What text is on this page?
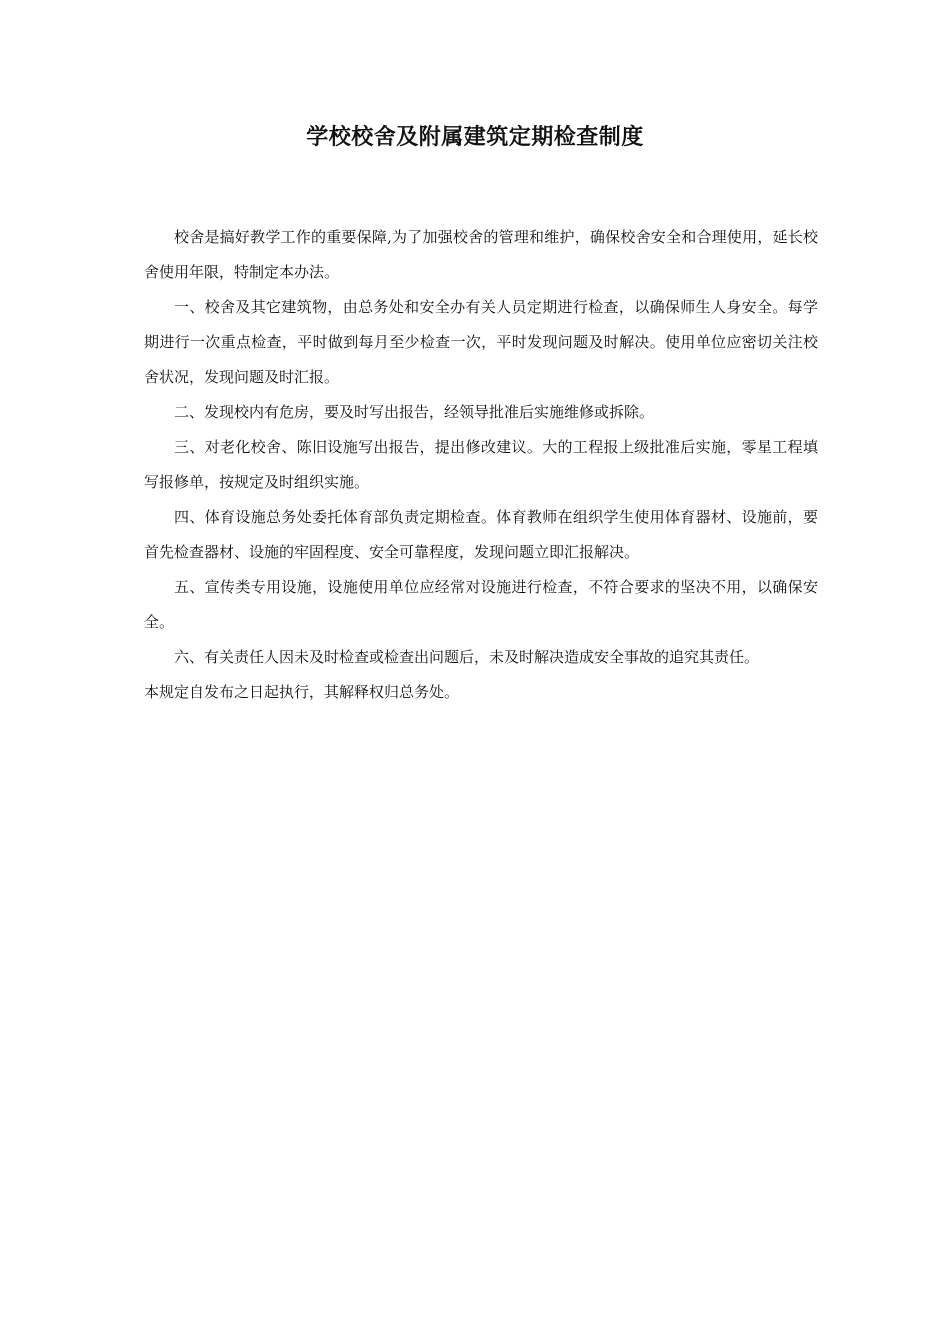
学校校舍及附属建筑定期检查制度

校舍是搞好教学工作的重要保障,为了加强校舍的管理和维护，确保校舍安全和合理使用，延长校舍使用年限，特制定本办法。

一、校舍及其它建筑物，由总务处和安全办有关人员定期进行检查，以确保师生人身安全。每学期进行一次重点检查，平时做到每月至少检查一次，平时发现问题及时解决。使用单位应密切关注校舍状况，发现问题及时汇报。

二、发现校内有危房，要及时写出报告，经领导批准后实施维修或拆除。

三、对老化校舍、陈旧设施写出报告，提出修改建议。大的工程报上级批准后实施，零星工程填写报修单，按规定及时组织实施。

四、体育设施总务处委托体育部负责定期检查。体育教师在组织学生使用体育器材、设施前，要首先检查器材、设施的牢固程度、安全可靠程度，发现问题立即汇报解决。

五、宣传类专用设施，设施使用单位应经常对设施进行检查，不符合要求的坚决不用，以确保安全。

六、有关责任人因未及时检查或检查出问题后，未及时解决造成安全事故的追究其责任。

本规定自发布之日起执行，其解释权归总务处。
